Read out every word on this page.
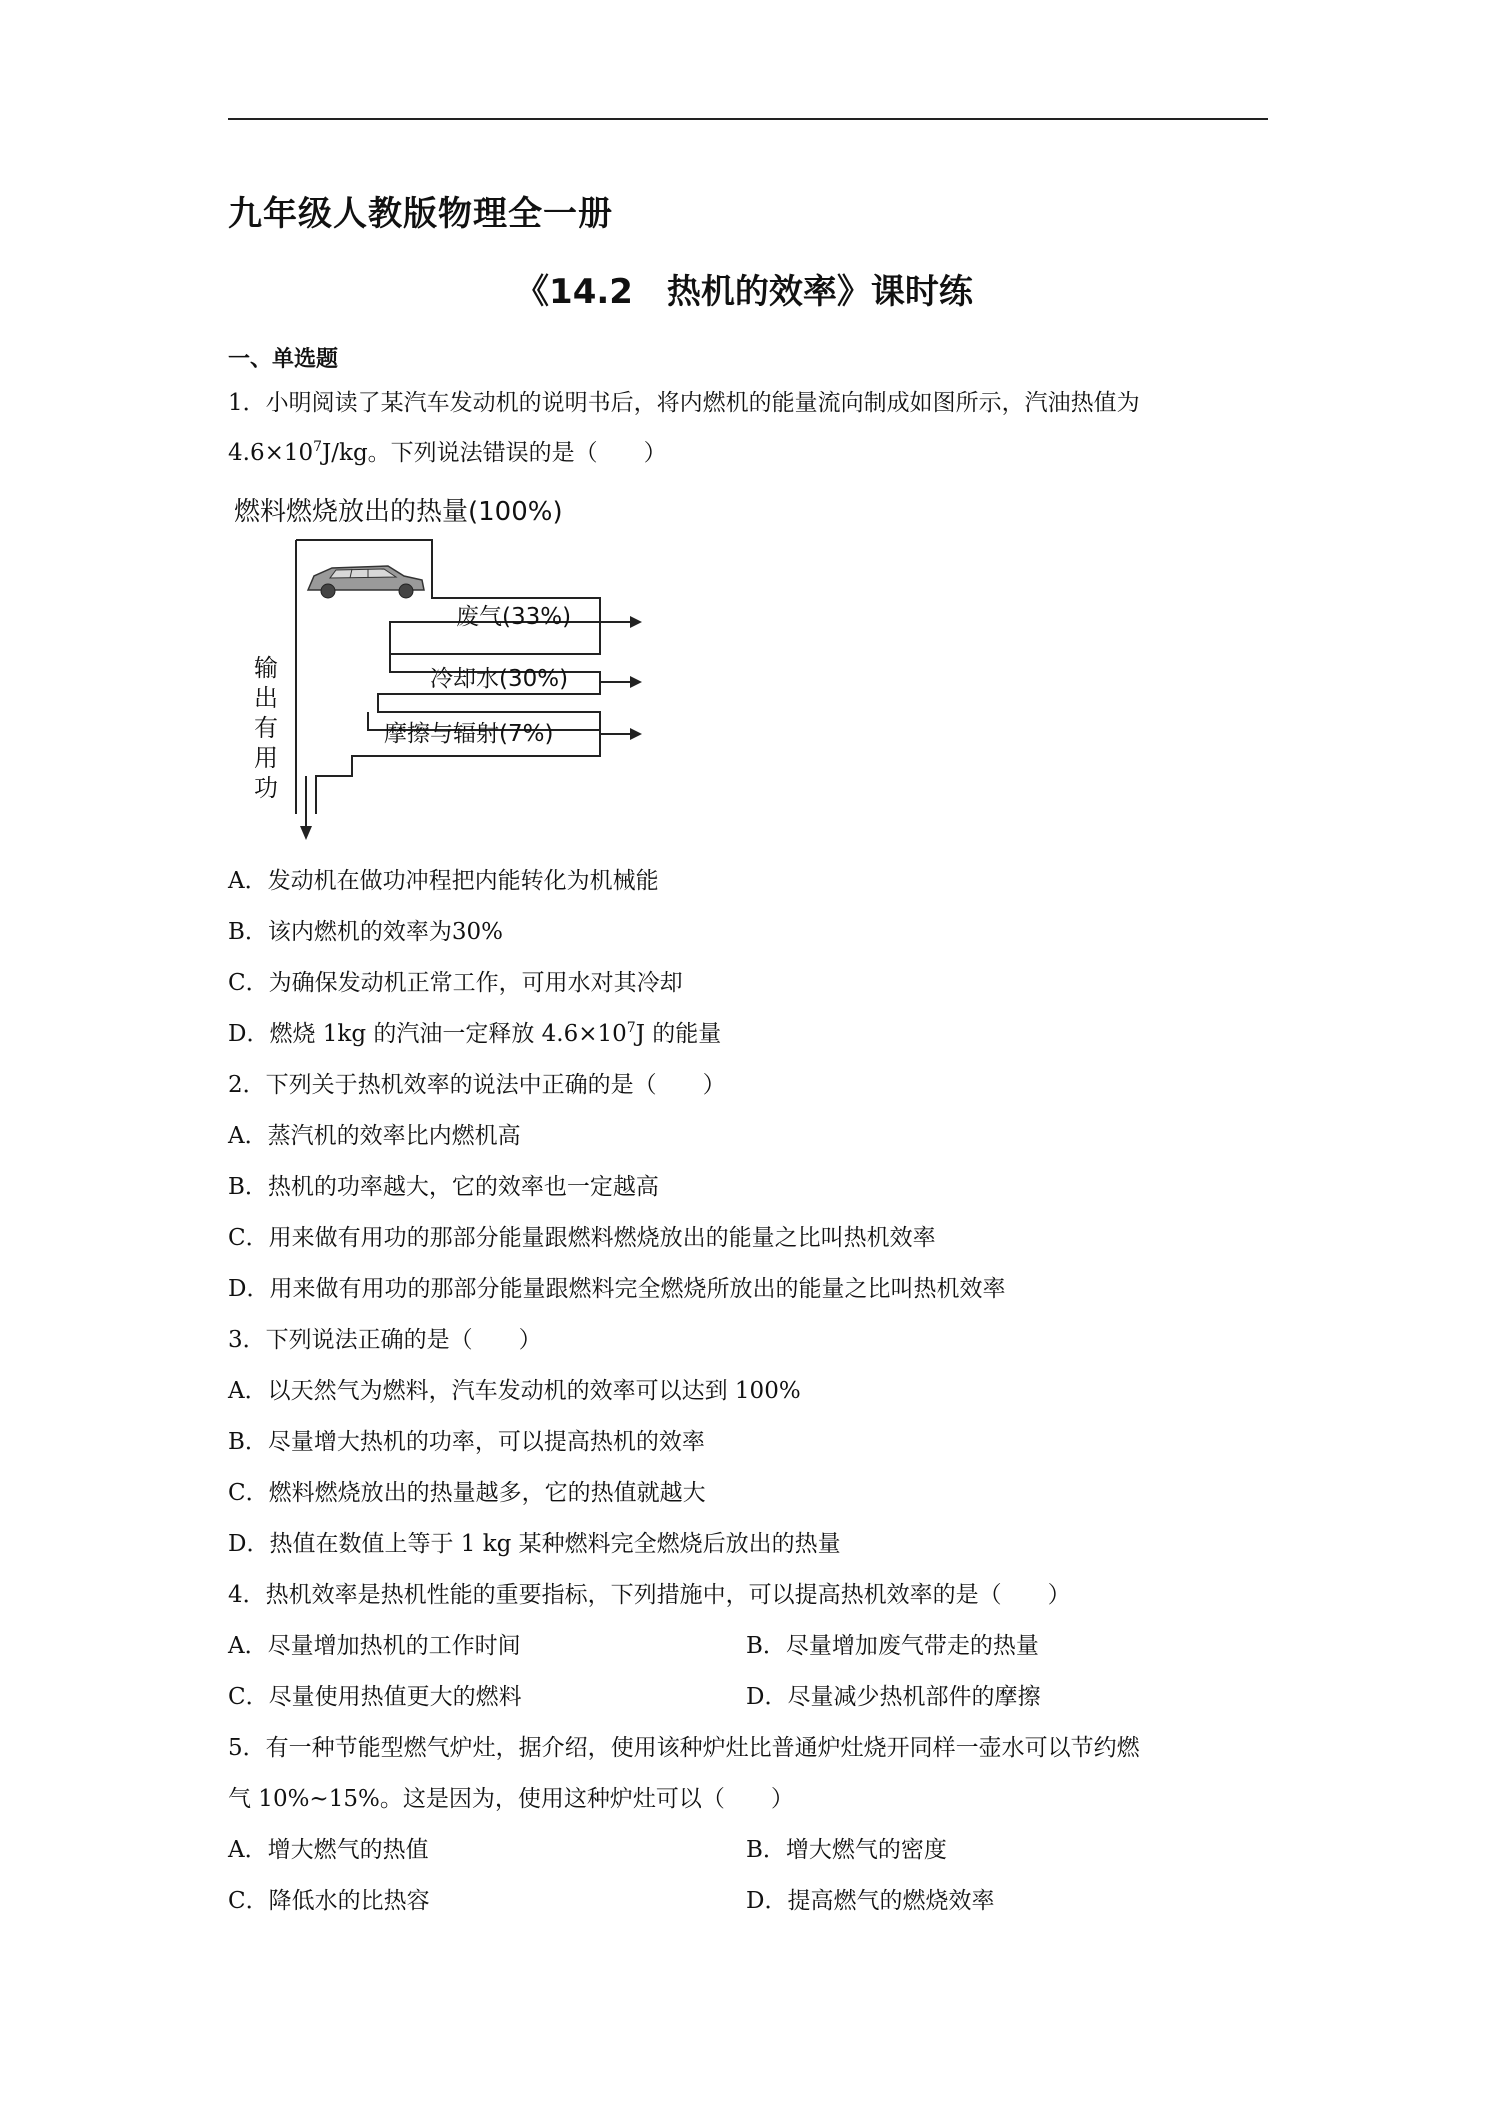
九年级人教版物理全一册
《14.2　热机的效率》课时练
一、单选题
1．小明阅读了某汽车发动机的说明书后，将内燃机的能量流向制成如图所示，汽油热值为
$4.6\times 10^7J/kg$。下列说法错误的是（　　）
燃料燃烧放出的热量(100%)
废气(33%)
冷却水(30%)
摩擦与辐射(7%)
输
出
有
用
功
A．发动机在做功冲程把内能转化为机械能
B．该内燃机的效率为30%
C．为确保发动机正常工作，可用水对其冷却
D．燃烧 1kg 的汽油一定释放 $4.6\times 10^7J$ 的能量
2．下列关于热机效率的说法中正确的是（　　）
A．蒸汽机的效率比内燃机高
B．热机的功率越大，它的效率也一定越高
C．用来做有用功的那部分能量跟燃料燃烧放出的能量之比叫热机效率
D．用来做有用功的那部分能量跟燃料完全燃烧所放出的能量之比叫热机效率
3．下列说法正确的是（　　）
A．以天然气为燃料，汽车发动机的效率可以达到 100%
B．尽量增大热机的功率，可以提高热机的效率
C．燃料燃烧放出的热量越多，它的热值就越大
D．热值在数值上等于 1 kg 某种燃料完全燃烧后放出的热量
4．热机效率是热机性能的重要指标，下列措施中，可以提高热机效率的是（　　）
A．尽量增加热机的工作时间	B．尽量增加废气带走的热量
C．尽量使用热值更大的燃料	D．尽量减少热机部件的摩擦
5．有一种节能型燃气炉灶，据介绍，使用该种炉灶比普通炉灶烧开同样一壶水可以节约燃
气 10%~15%。这是因为，使用这种炉灶可以（　　）
A．增大燃气的热值	B．增大燃气的密度
C．降低水的比热容	D．提高燃气的燃烧效率
